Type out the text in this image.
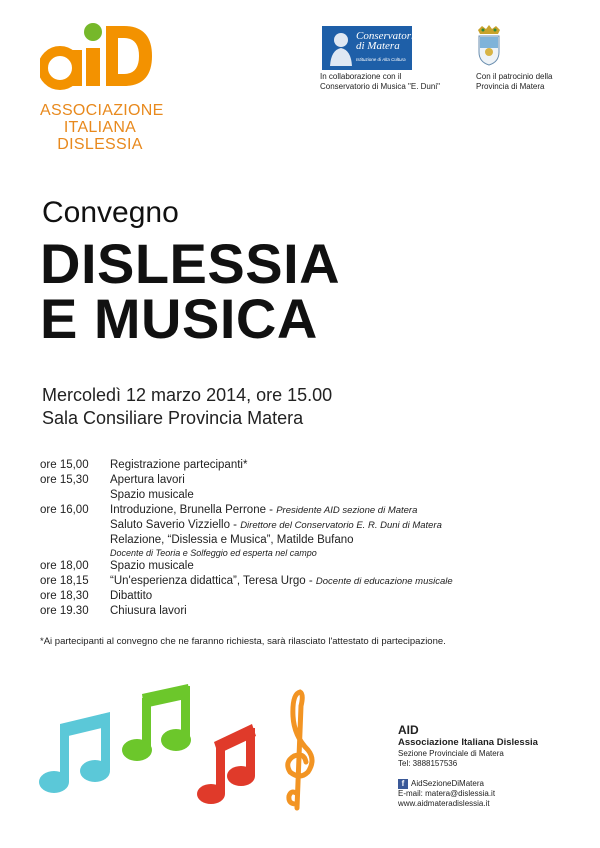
ASSOCIAZIONE
ITALIANA
DISLESSIA
Conservatorio
di Matera
Istituzione di Alta Cultura
In collaborazione con il
Conservatorio di Musica "E. Duni"
Con il patrocinio della
Provincia di Matera
Convegno
DISLESSIA
E MUSICA
Mercoledì 12 marzo 2014, ore 15.00
Sala Consiliare Provincia Matera
ore 15,00	Registrazione partecipanti*
ore 15,30	Apertura lavori
Spazio musicale
ore 16,00	Introduzione, Brunella Perrone - Presidente AID sezione di Matera
Saluto Saverio Vizziello - Direttore del Conservatorio E. R. Duni di Matera
Relazione, “Dislessia e Musica”, Matilde Bufano
Docente di Teoria e Solfeggio ed esperta nel campo
ore 18,00	Spazio musicale
ore 18,15	“Un'esperienza didattica”, Teresa Urgo - Docente di educazione musicale
ore 18,30	Dibattito
ore 19.30	Chiusura lavori
*Ai partecipanti al convegno che ne faranno richiesta, sarà rilasciato l'attestato di partecipazione.
AID
Associazione Italiana Dislessia
Sezione Provinciale di Matera
Tel: 3888157536
f AidSezioneDiMatera
E-mail: matera@dislessia.it
www.aidmateradislessia.it
